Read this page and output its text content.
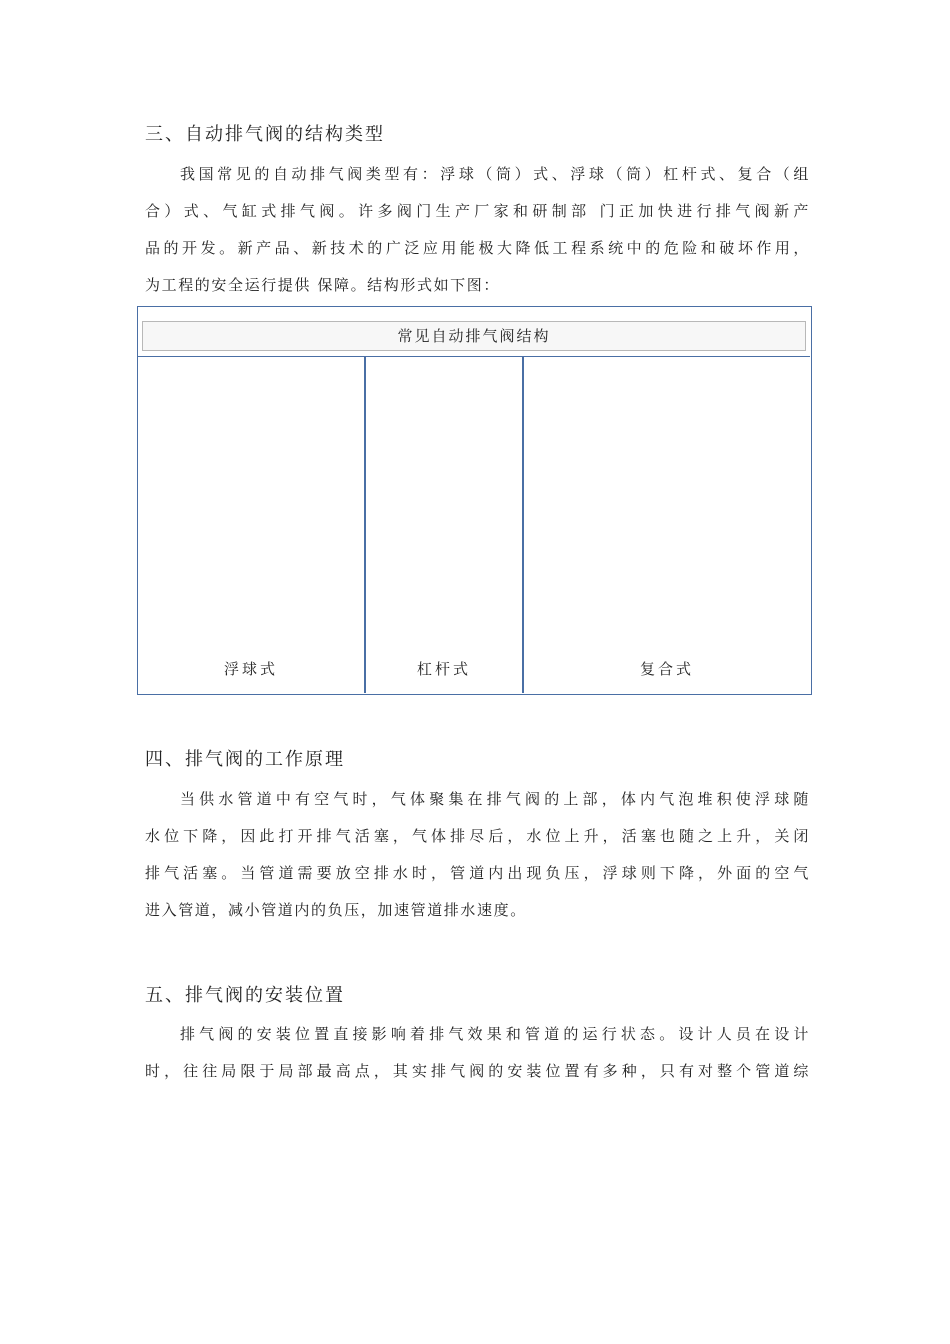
三、自动排气阀的结构类型
我国常见的自动排气阀类型有：浮球（筒）式、浮球（筒）杠杆式、复合（组
合）式、气缸式排气阀。许多阀门生产厂家和研制部 门正加快进行排气阀新产
品的开发。新产品、新技术的广泛应用能极大降低工程系统中的危险和破坏作用，
为工程的安全运行提供 保障。结构形式如下图：
常见自动排气阀结构
浮球式	杠杆式	复合式
四、排气阀的工作原理
当供水管道中有空气时，气体聚集在排气阀的上部，体内气泡堆积使浮球随
水位下降，因此打开排气活塞，气体排尽后，水位上升，活塞也随之上升，关闭
排气活塞。当管道需要放空排水时，管道内出现负压，浮球则下降，外面的空气
进入管道，减小管道内的负压，加速管道排水速度。
五、排气阀的安装位置
排气阀的安装位置直接影响着排气效果和管道的运行状态。设计人员在设计
时，往往局限于局部最高点，其实排气阀的安装位置有多种，只有对整个管道综
